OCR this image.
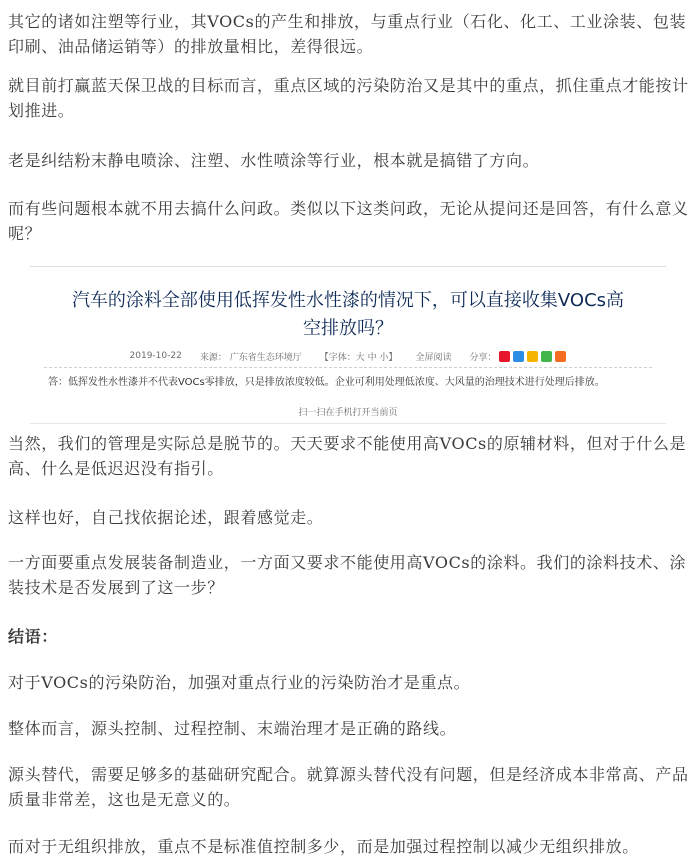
其它的诸如注塑等行业，其VOCs的产生和排放，与重点行业（石化、化工、工业涂装、包装印刷、油品储运销等）的排放量相比，差得很远。

就目前打赢蓝天保卫战的目标而言，重点区域的污染防治又是其中的重点，抓住重点才能按计划推进。

老是纠结粉末静电喷涂、注塑、水性喷涂等行业，根本就是搞错了方向。

而有些问题根本就不用去搞什么问政。类似以下这类问政，无论从提问还是回答，有什么意义呢？

汽车的涂料全部使用低挥发性水性漆的情况下，可以直接收集VOCs高空排放吗？
2019-10-22 来源： 广东省生态环境厅 【字体：大 中 小】 全屏阅读 分享：
答：低挥发性水性漆并不代表VOCs零排放，只是排放浓度较低。企业可利用处理低浓度、大风量的治理技术进行处理后排放。
扫一扫在手机打开当前页

当然，我们的管理是实际总是脱节的。天天要求不能使用高VOCs的原辅材料，但对于什么是高、什么是低迟迟没有指引。

这样也好，自己找依据论述，跟着感觉走。

一方面要重点发展装备制造业，一方面又要求不能使用高VOCs的涂料。我们的涂料技术、涂装技术是否发展到了这一步？

结语：

对于VOCs的污染防治，加强对重点行业的污染防治才是重点。

整体而言，源头控制、过程控制、末端治理才是正确的路线。

源头替代，需要足够多的基础研究配合。就算源头替代没有问题，但是经济成本非常高、产品质量非常差，这也是无意义的。

而对于无组织排放，重点不是标准值控制多少，而是加强过程控制以减少无组织排放。
